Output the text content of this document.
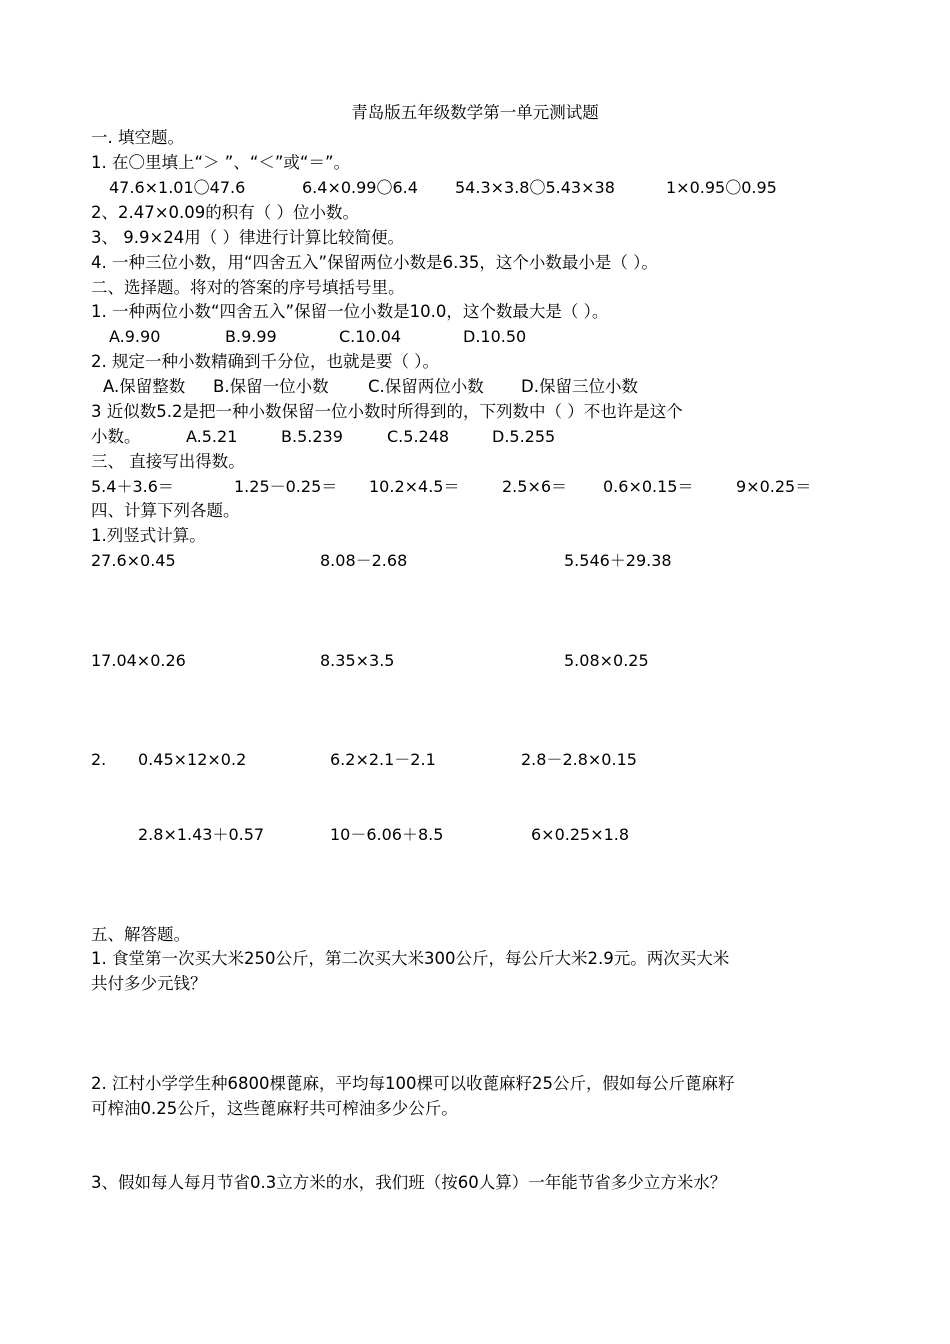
青岛版五年级数学第一单元测试题
一. 填空题。
1. 在〇里填上“＞ ”、“＜”或“＝”。
47.6×1.01〇47.6	6.4×0.99〇6.4 54.3×3.8〇5.43×38	1×0.95〇0.95
2、2.47×0.09的积有（ ）位小数。
3、 9.9×24用（ ）律进行计算比较简便。
4. 一种三位小数，用“四舍五入”保留两位小数是6.35，这个小数最小是（ ）。
二、选择题。将对的答案的序号填括号里。
1. 一种两位小数“四舍五入”保留一位小数是10.0，这个数最大是（ ）。
A.9.90	B.9.99	C.10.04	D.10.50
2. 规定一种小数精确到千分位，也就是要（ ）。
A.保留整数 B.保留一位小数 C.保留两位小数 D.保留三位小数
3 近似数5.2是把一种小数保留一位小数时所得到的，下列数中（ ）不也许是这个
小数。	A.5.21	B.5.239	C.5.248	D.5.255
三、 直接写出得数。
5.4＋3.6＝	1.25－0.25＝ 10.2×4.5＝	2.5×6＝ 0.6×0.15＝	9×0.25＝
四、计算下列各题。
1.列竖式计算。
27.6×0.45	8.08－2.68	5.546＋29.38
17.04×0.26	8.35×3.5	5.08×0.25
2. 0.45×12×0.2	6.2×2.1－2.1	2.8－2.8×0.15
2.8×1.43＋0.57	10－6.06＋8.5	6×0.25×1.8
五、解答题。
1. 食堂第一次买大米250公斤，第二次买大米300公斤，每公斤大米2.9元。两次买大米
共付多少元钱？
2. 江村小学学生种6800棵蓖麻，平均每100棵可以收蓖麻籽25公斤，假如每公斤蓖麻籽
可榨油0.25公斤，这些蓖麻籽共可榨油多少公斤。
3、假如每人每月节省0.3立方米的水，我们班（按60人算）一年能节省多少立方米水？
